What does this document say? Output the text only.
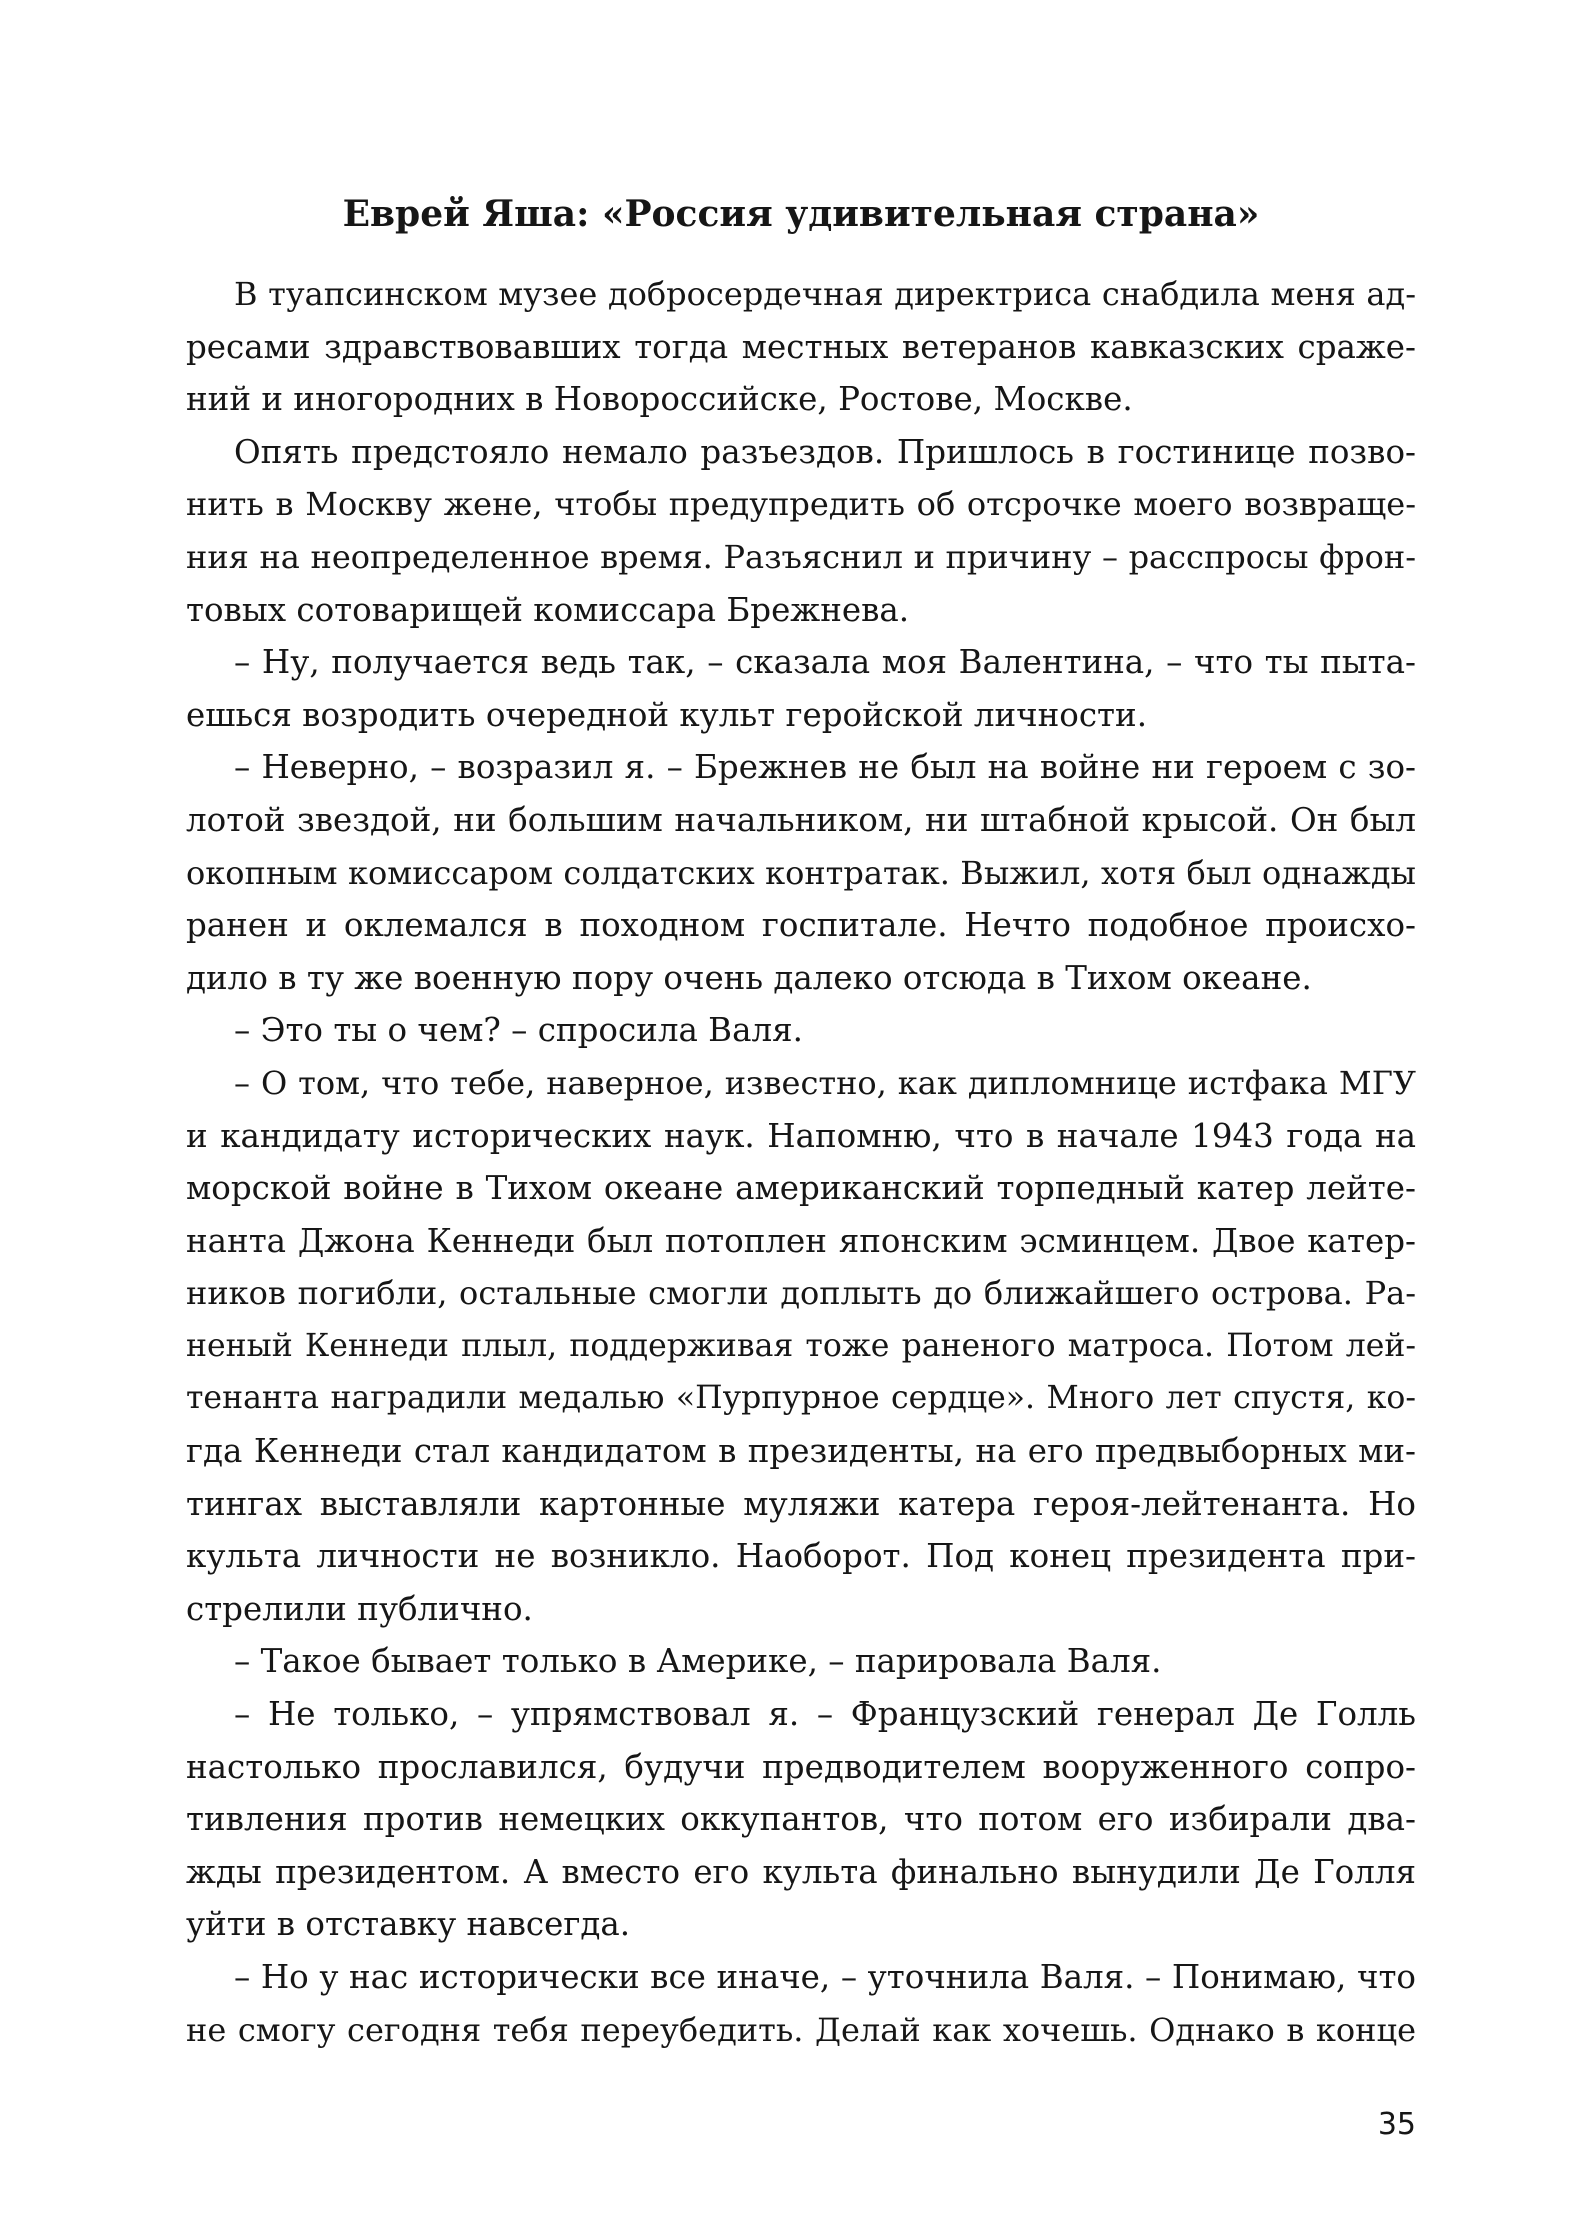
Еврей Яша: «Россия удивительная страна»
В туапсинском музее добросердечная директриса снабдила меня ад-
ресами здравствовавших тогда местных ветеранов кавказских сраже-
ний и иногородних в Новороссийске, Ростове, Москве.
Опять предстояло немало разъездов. Пришлось в гостинице позво-
нить в Москву жене, чтобы предупредить об отсрочке моего возвраще-
ния на неопределенное время. Разъяснил и причину – расспросы фрон-
товых сотоварищей комиссара Брежнева.
– Ну, получается ведь так, – сказала моя Валентина, – что ты пыта-
ешься возродить очередной культ геройской личности.
– Неверно, – возразил я. – Брежнев не был на войне ни героем с зо-
лотой звездой, ни большим начальником, ни штабной крысой. Он был
окопным комиссаром солдатских контратак. Выжил, хотя был однажды
ранен и оклемался в походном госпитале. Нечто подобное происхо-
дило в ту же военную пору очень далеко отсюда в Тихом океане.
– Это ты о чем? – спросила Валя.
– О том, что тебе, наверное, известно, как дипломнице истфака МГУ
и кандидату исторических наук. Напомню, что в начале 1943 года на
морской войне в Тихом океане американский торпедный катер лейте-
нанта Джона Кеннеди был потоплен японским эсминцем. Двое катер-
ников погибли, остальные смогли доплыть до ближайшего острова. Ра-
неный Кеннеди плыл, поддерживая тоже раненого матроса. Потом лей-
тенанта наградили медалью «Пурпурное сердце». Много лет спустя, ко-
гда Кеннеди стал кандидатом в президенты, на его предвыборных ми-
тингах выставляли картонные муляжи катера героя-лейтенанта. Но
культа личности не возникло. Наоборот. Под конец президента при-
стрелили публично.
– Такое бывает только в Америке, – парировала Валя.
– Не только, – упрямствовал я. – Французский генерал Де Голль
настолько прославился, будучи предводителем вооруженного сопро-
тивления против немецких оккупантов, что потом его избирали два-
жды президентом. А вместо его культа финально вынудили Де Голля
уйти в отставку навсегда.
– Но у нас исторически все иначе, – уточнила Валя. – Понимаю, что
не смогу сегодня тебя переубедить. Делай как хочешь. Однако в конце
35
